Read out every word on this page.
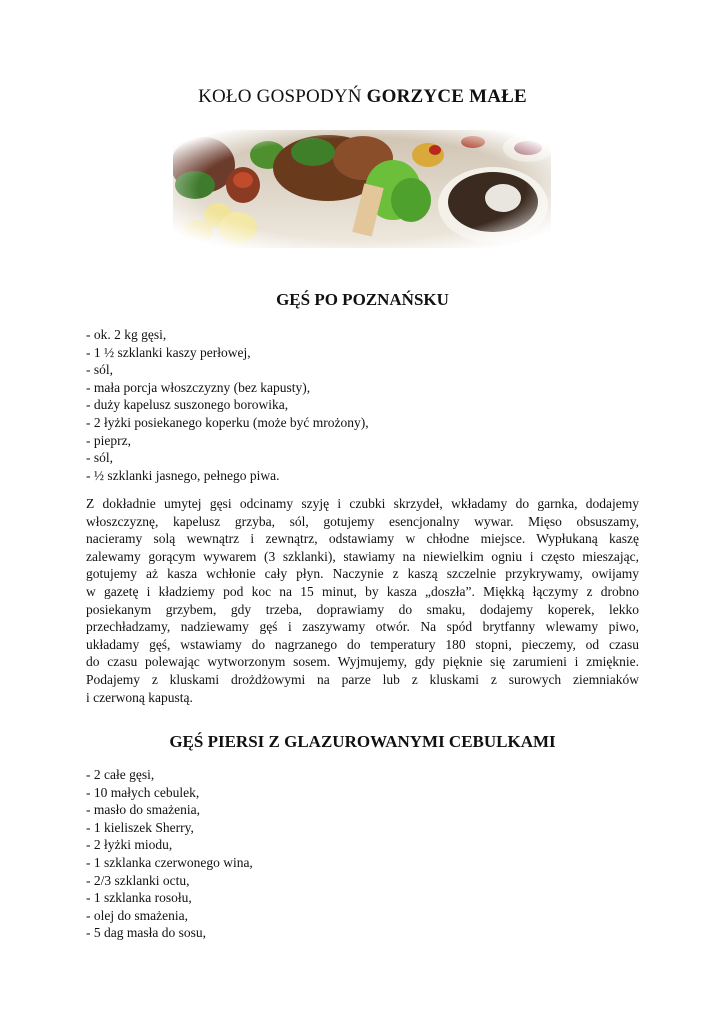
KOŁO GOSPODYŃ GORZYCE MAŁE
GĘŚ PO POZNAŃSKU
- ok. 2 kg gęsi,
- 1 ½ szklanki kaszy perłowej,
- sól,
- mała porcja włoszczyzny (bez kapusty),
- duży kapelusz suszonego borowika,
- 2 łyżki posiekanego koperku (może być mrożony),
- pieprz,
- sól,
- ½ szklanki jasnego, pełnego piwa.
Z dokładnie umytej gęsi odcinamy szyję i czubki skrzydeł, wkładamy do garnka, dodajemy
włoszczyznę, kapelusz grzyba, sól, gotujemy esencjonalny wywar. Mięso obsuszamy,
nacieramy solą wewnątrz i zewnątrz, odstawiamy w chłodne miejsce. Wypłukaną kaszę
zalewamy gorącym wywarem (3 szklanki), stawiamy na niewielkim ogniu i często mieszając,
gotujemy aż kasza wchłonie cały płyn. Naczynie z kaszą szczelnie przykrywamy, owijamy
w gazetę i kładziemy pod koc na 15 minut, by kasza „doszła”. Miękką łączymy z drobno
posiekanym grzybem, gdy trzeba, doprawiamy do smaku, dodajemy koperek, lekko
przechładzamy, nadziewamy gęś i zaszywamy otwór. Na spód brytfanny wlewamy piwo,
układamy gęś, wstawiamy do nagrzanego do temperatury 180 stopni, pieczemy, od czasu
do czasu polewając wytworzonym sosem. Wyjmujemy, gdy pięknie się zarumieni i zmięknie.
Podajemy z kluskami drożdżowymi na parze lub z kluskami z surowych ziemniaków
i czerwoną kapustą.
GĘŚ PIERSI Z GLAZUROWANYMI CEBULKAMI
- 2 całe gęsi,
- 10 małych cebulek,
- masło do smażenia,
- 1 kieliszek Sherry,
- 2 łyżki miodu,
- 1 szklanka czerwonego wina,
- 2/3 szklanki octu,
- 1 szklanka rosołu,
- olej do smażenia,
- 5 dag masła do sosu,
